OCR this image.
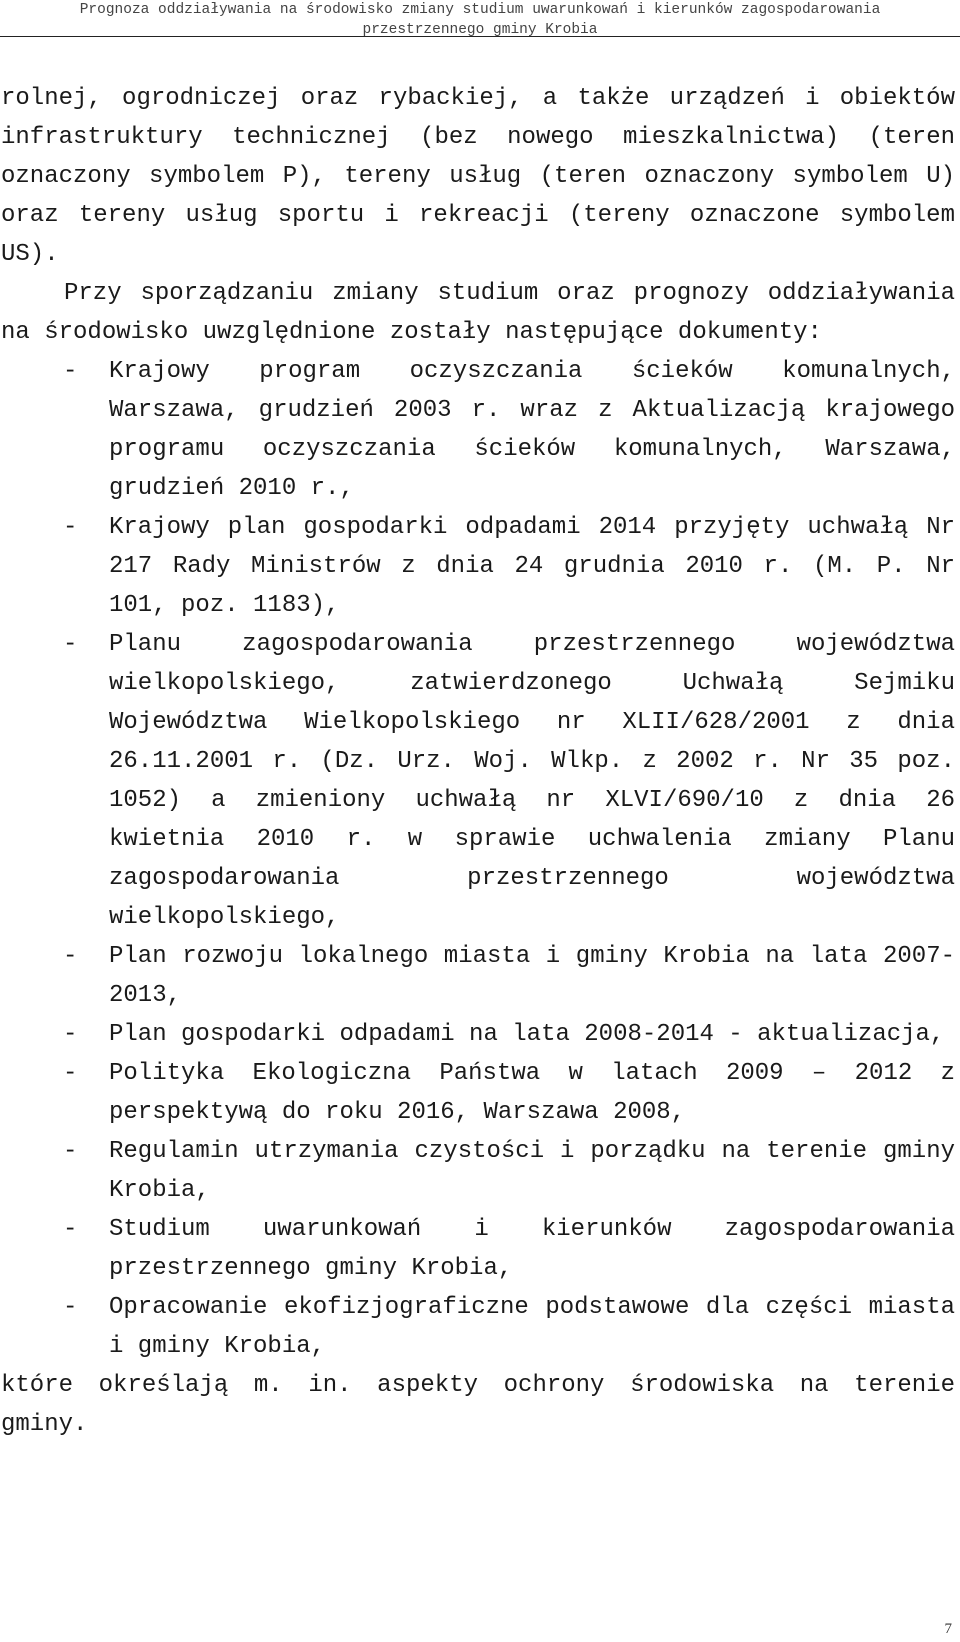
Prognoza oddziaływania na środowisko zmiany studium uwarunkowań i kierunków zagospodarowania
przestrzennego gminy Krobia

rolnej, ogrodniczej oraz rybackiej, a także urządzeń i obiektów infrastruktury technicznej (bez nowego mieszkalnictwa) (teren oznaczony symbolem P), tereny usług (teren oznaczony symbolem U) oraz tereny usług sportu i rekreacji (tereny oznaczone symbolem US).

Przy sporządzaniu zmiany studium oraz prognozy oddziaływania na środowisko uwzględnione zostały następujące dokumenty:

- Krajowy program oczyszczania ścieków komunalnych, Warszawa, grudzień 2003 r. wraz z Aktualizacją krajowego programu oczyszczania ścieków komunalnych, Warszawa, grudzień 2010 r.,
- Krajowy plan gospodarki odpadami 2014 przyjęty uchwałą Nr 217 Rady Ministrów z dnia 24 grudnia 2010 r. (M. P. Nr 101, poz. 1183),
- Planu zagospodarowania przestrzennego województwa wielkopolskiego, zatwierdzonego Uchwałą Sejmiku Województwa Wielkopolskiego nr XLII/628/2001 z dnia 26.11.2001 r. (Dz. Urz. Woj. Wlkp. z 2002 r. Nr 35 poz. 1052) a zmieniony uchwałą nr XLVI/690/10 z dnia 26 kwietnia 2010 r. w sprawie uchwalenia zmiany Planu zagospodarowania przestrzennego województwa wielkopolskiego,
- Plan rozwoju lokalnego miasta i gminy Krobia na lata 2007-2013,
- Plan gospodarki odpadami na lata 2008-2014 - aktualizacja,
- Polityka Ekologiczna Państwa w latach 2009 – 2012 z perspektywą do roku 2016, Warszawa 2008,
- Regulamin utrzymania czystości i porządku na terenie gminy Krobia,
- Studium uwarunkowań i kierunków zagospodarowania przestrzennego gminy Krobia,
- Opracowanie ekofizjograficzne podstawowe dla części miasta i gminy Krobia,

które określają m. in. aspekty ochrony środowiska na terenie gminy.

7
